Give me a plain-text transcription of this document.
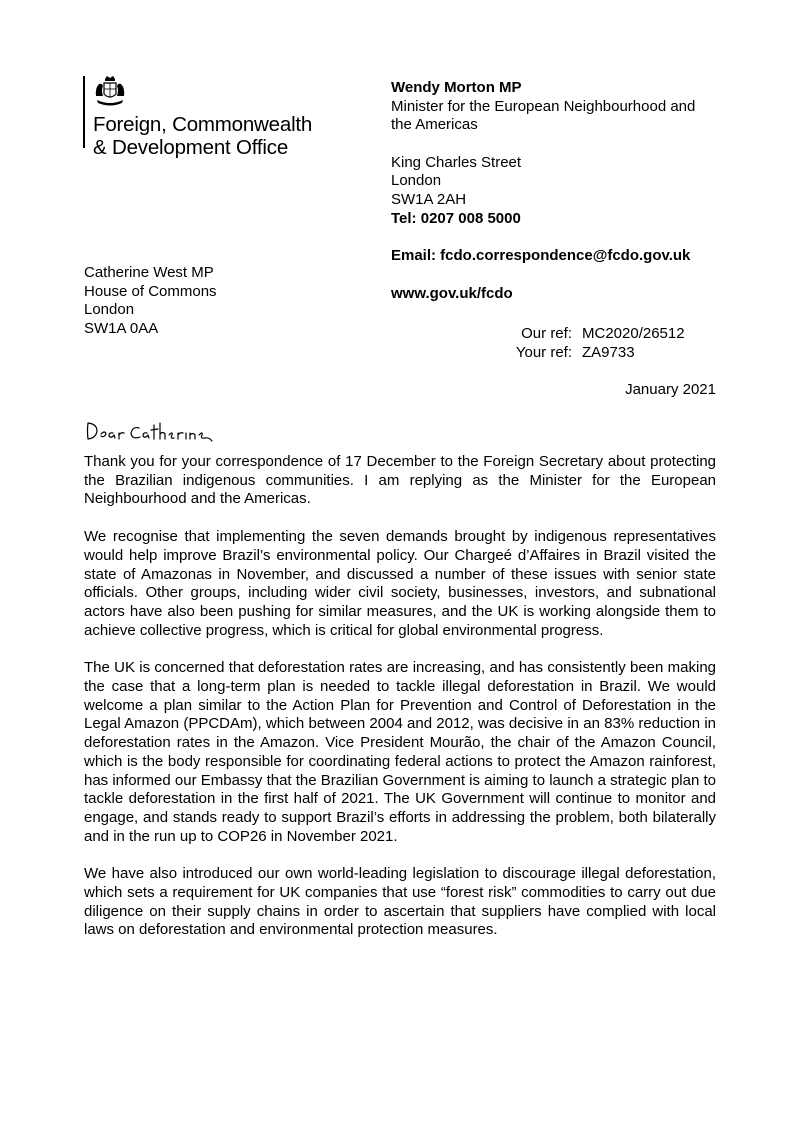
Foreign, Commonwealth
& Development Office
Wendy Morton MP
Minister for the European Neighbourhood and
the Americas
King Charles Street
London
SW1A 2AH
Tel: 0207 008 5000
Email: fcdo.correspondence@fcdo.gov.uk
www.gov.uk/fcdo
Catherine West MP
House of Commons
London
SW1A 0AA	Our ref: MC2020/26512
Your ref: ZA9733
January 2021

Thank you for your correspondence of 17 December to the Foreign Secretary about protecting the Brazilian indigenous communities. I am replying as the Minister for the European Neighbourhood and the Americas.

We recognise that implementing the seven demands brought by indigenous representatives would help improve Brazil’s environmental policy. Our Chargeé d’Affaires in Brazil visited the state of Amazonas in November, and discussed a number of these issues with senior state officials. Other groups, including wider civil society, businesses, investors, and subnational actors have also been pushing for similar measures, and the UK is working alongside them to achieve collective progress, which is critical for global environmental progress.

The UK is concerned that deforestation rates are increasing, and has consistently been making the case that a long-term plan is needed to tackle illegal deforestation in Brazil. We would welcome a plan similar to the Action Plan for Prevention and Control of Deforestation in the Legal Amazon (PPCDAm), which between 2004 and 2012, was decisive in an 83% reduction in deforestation rates in the Amazon. Vice President Mourão, the chair of the Amazon Council, which is the body responsible for coordinating federal actions to protect the Amazon rainforest, has informed our Embassy that the Brazilian Government is aiming to launch a strategic plan to tackle deforestation in the first half of 2021. The UK Government will continue to monitor and engage, and stands ready to support Brazil’s efforts in addressing the problem, both bilaterally and in the run up to COP26 in November 2021.

We have also introduced our own world-leading legislation to discourage illegal deforestation, which sets a requirement for UK companies that use “forest risk” commodities to carry out due diligence on their supply chains in order to ascertain that suppliers have complied with local laws on deforestation and environmental protection measures.
